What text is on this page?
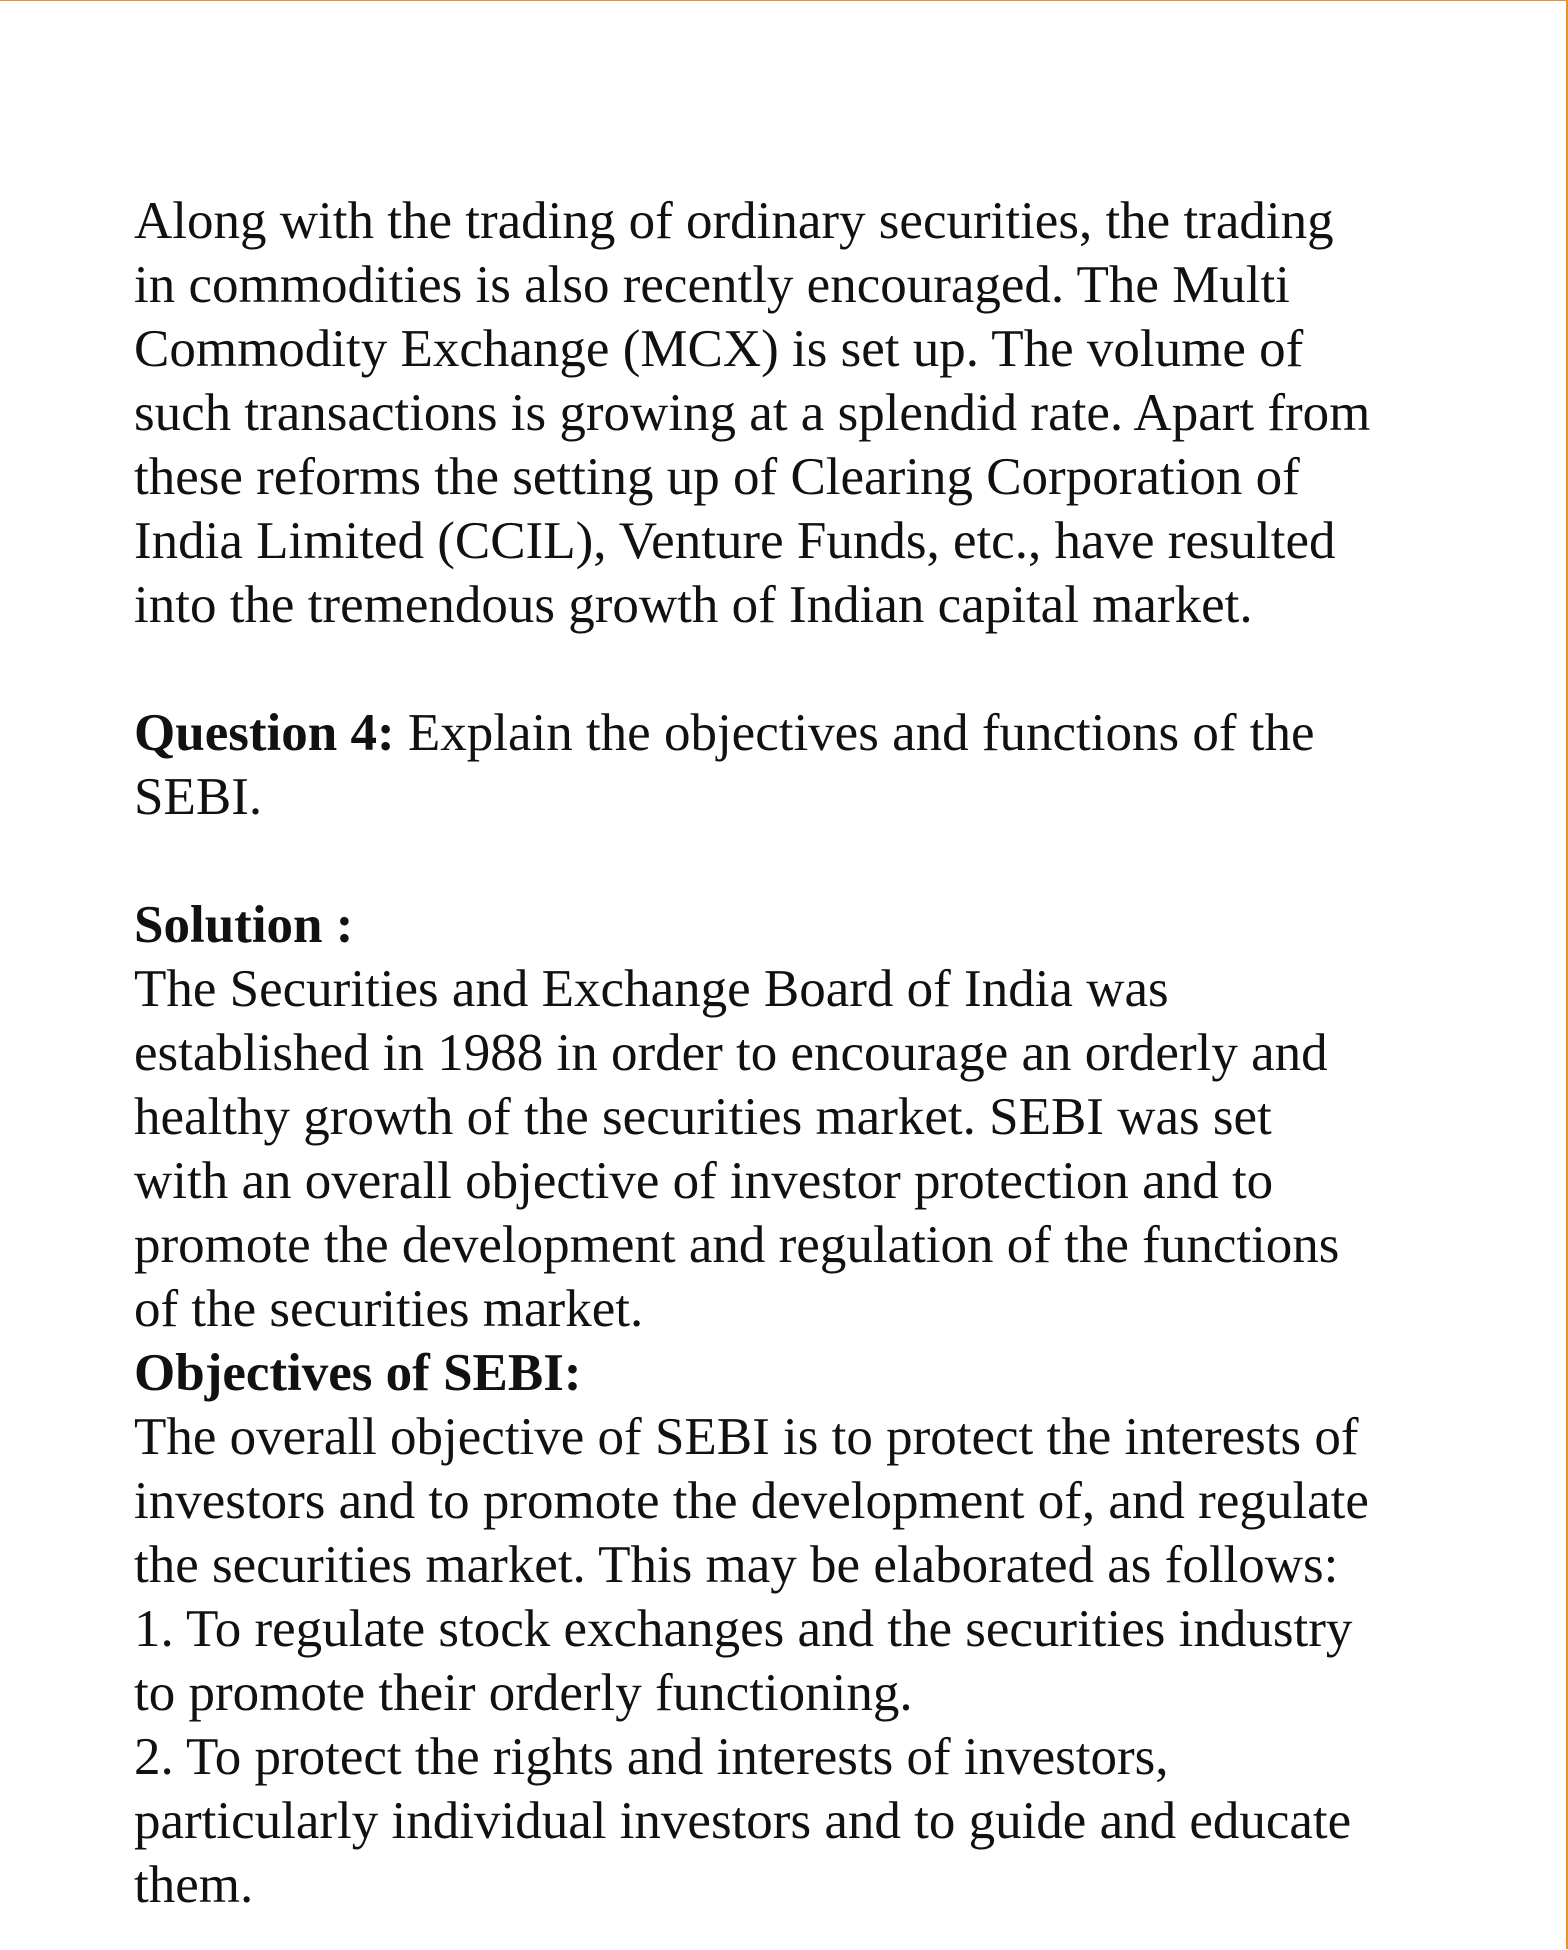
Along with the trading of ordinary securities, the trading
in commodities is also recently encouraged. The Multi
Commodity Exchange (MCX) is set up. The volume of
such transactions is growing at a splendid rate. Apart from
these reforms the setting up of Clearing Corporation of
India Limited (CCIL), Venture Funds, etc., have resulted
into the tremendous growth of Indian capital market.

Question 4: Explain the objectives and functions of the
SEBI.

Solution :

The Securities and Exchange Board of India was
established in 1988 in order to encourage an orderly and
healthy growth of the securities market. SEBI was set
with an overall objective of investor protection and to
promote the development and regulation of the functions
of the securities market.

Objectives of SEBI:

The overall objective of SEBI is to protect the interests of
investors and to promote the development of, and regulate
the securities market. This may be elaborated as follows:

1. To regulate stock exchanges and the securities industry
to promote their orderly functioning.

2. To protect the rights and interests of investors,
particularly individual investors and to guide and educate
them.
